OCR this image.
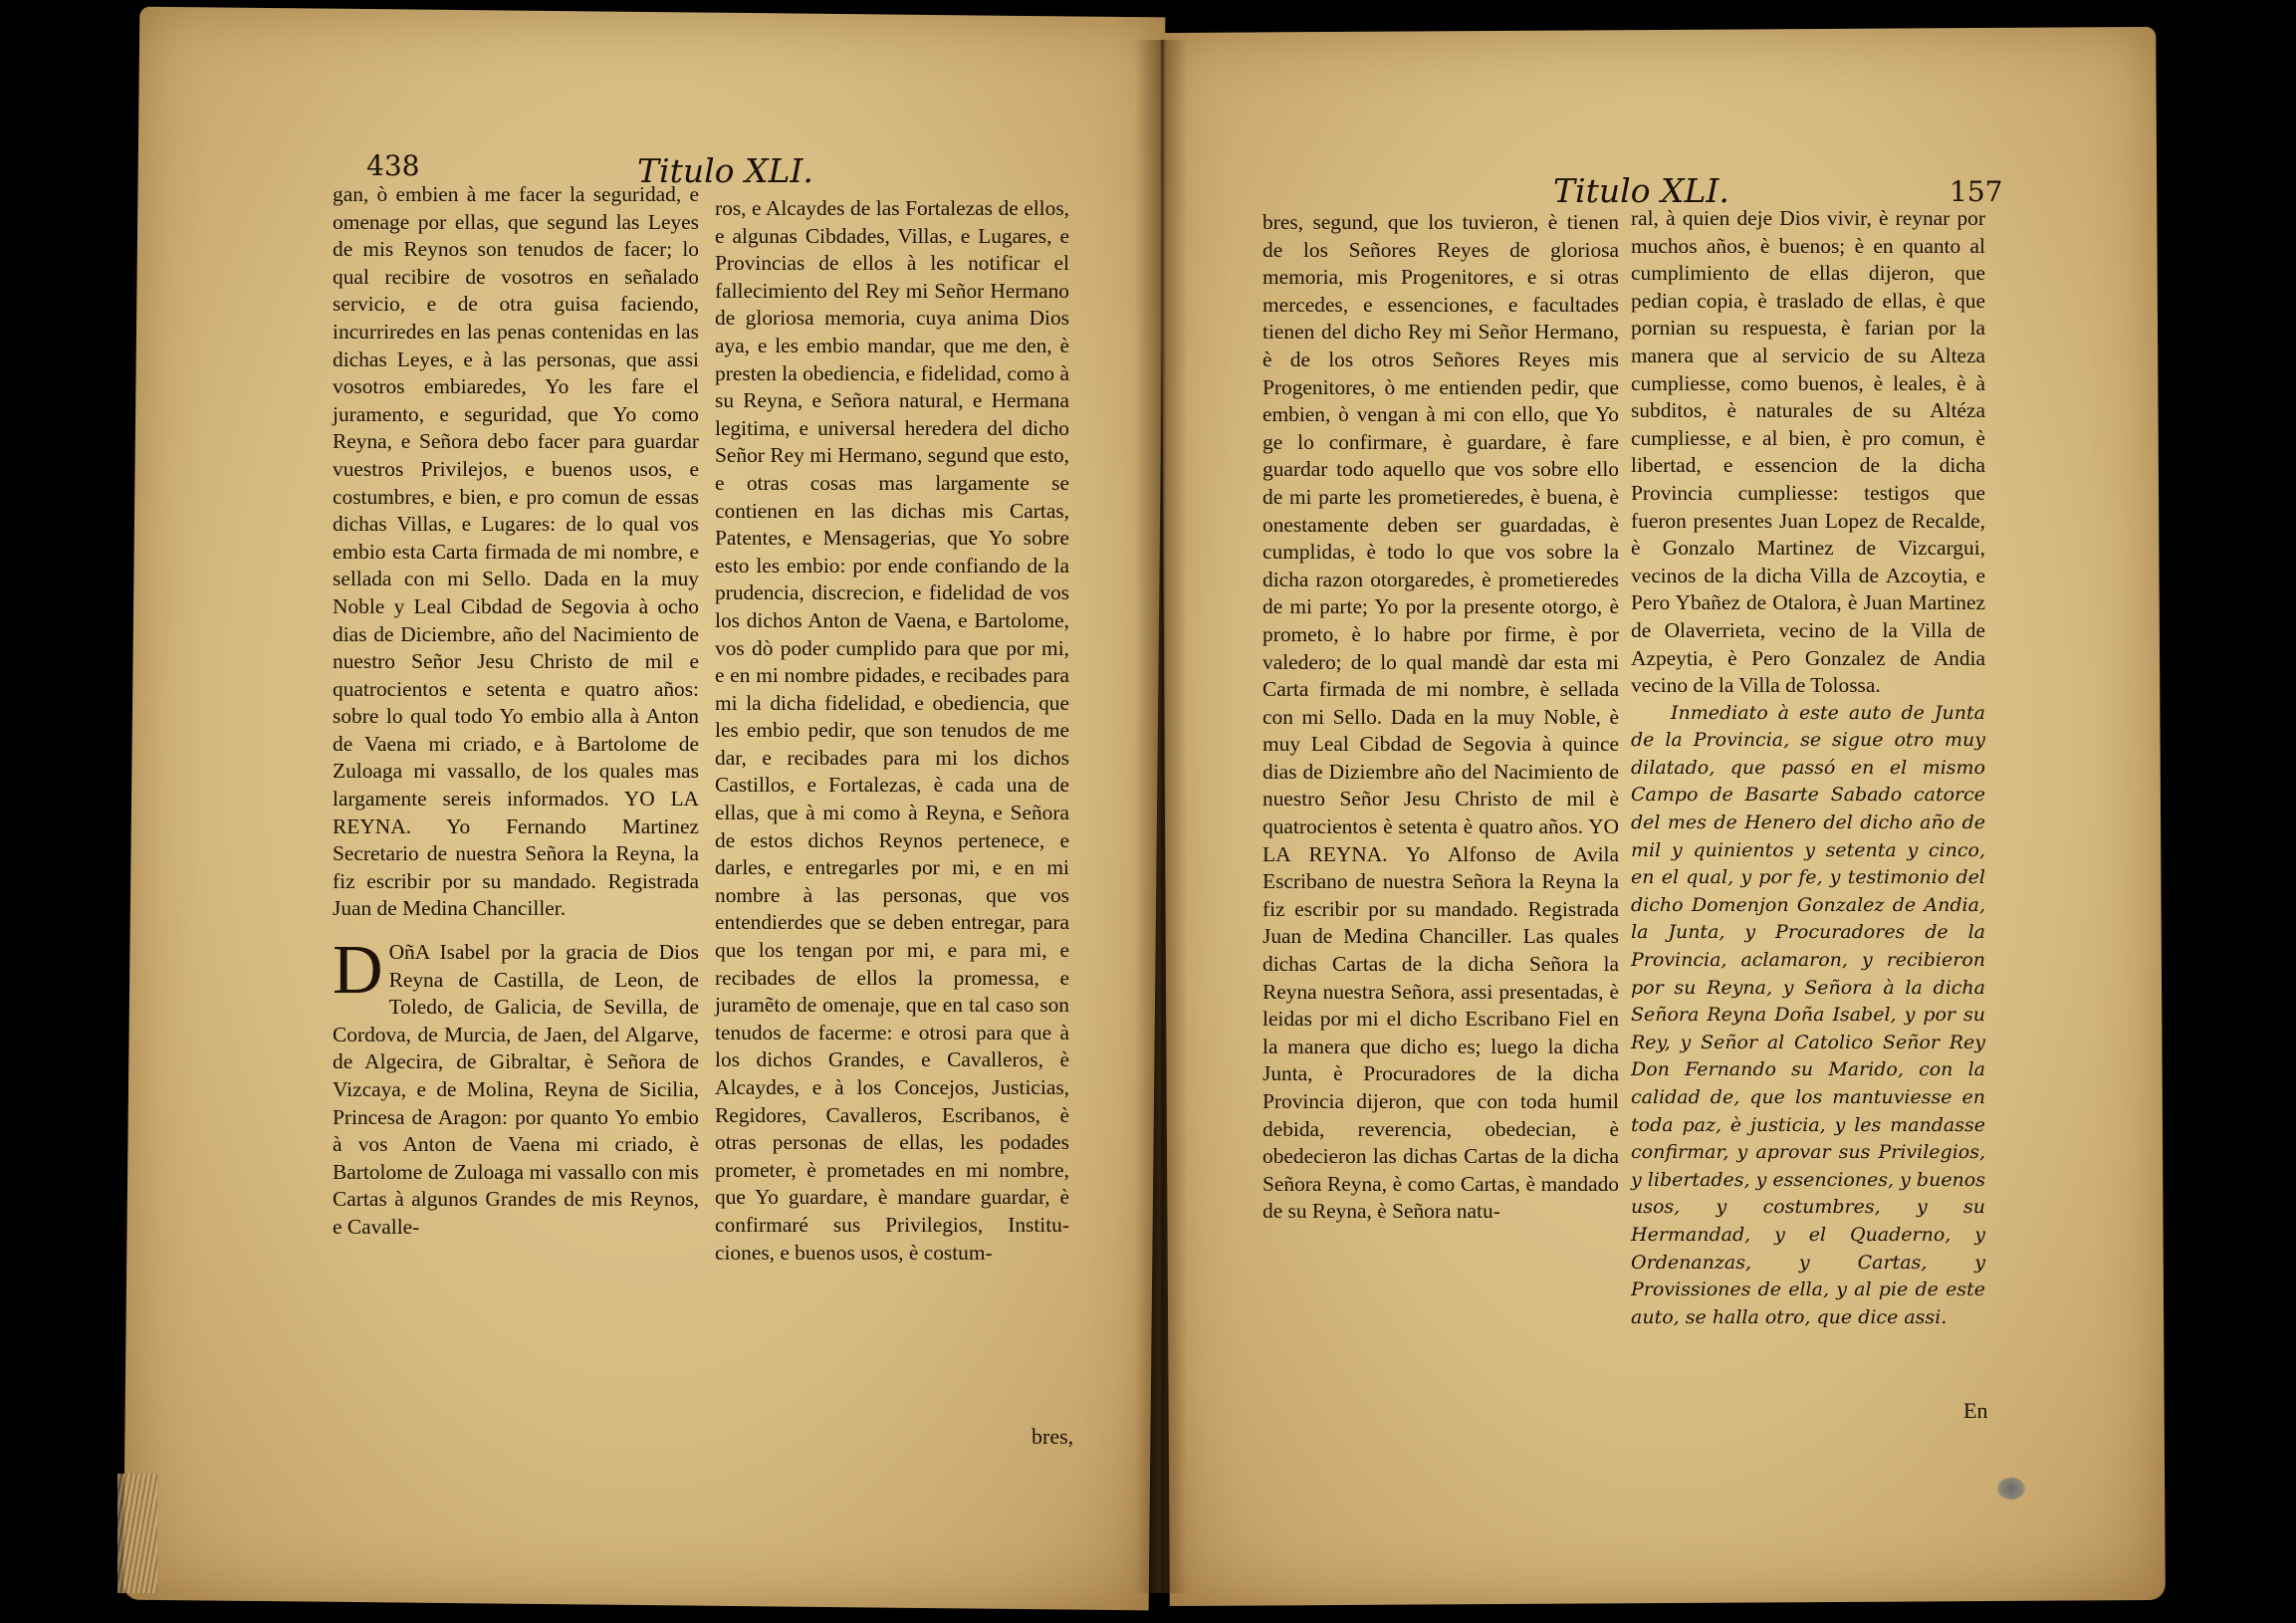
438	Titulo XLI.

gan, ò embien à me facer la seguridad, e omenage por ellas, que segund las Leyes de mis Reynos son tenudos de facer; lo qual recibire de vosotros en señalado servicio, e de otra guisa faciendo, incurriredes en las penas contenidas en las dichas Leyes, e à las personas, que assi vosotros embiaredes, Yo les fare el juramento, e seguridad, que Yo como Reyna, e Señora debo facer para guardar vuestros Privilejos, e buenos usos, e costumbres, e bien, e pro comun de essas dichas Villas, e Lugares: de lo qual vos embio esta Carta firmada de mi nombre, e sellada con mi Sello. Dada en la muy Noble y Leal Cibdad de Segovia à ocho dias de Diciembre, año del Nacimiento de nuestro Señor Jesu Christo de mil e quatrocientos e setenta e quatro años: sobre lo qual todo Yo embio alla à Anton de Vaena mi criado, e à Bartolome de Zuloaga mi vassallo, de los quales mas largamente sereis informados. YO LA REYNA. Yo Fernando Martinez Secretario de nuestra Señora la Reyna, la fiz escribir por su mandado. Registrada Juan de Medina Chanciller.

D OñA Isabel por la gracia de Dios Reyna de Castilla, de Leon, de Toledo, de Galicia, de Sevilla, de Cordova, de Murcia, de Jaen, del Algarve, de Algecira, de Gibraltar, è Señora de Vizcaya, e de Molina, Reyna de Sicilia, Princesa de Aragon: por quanto Yo embio à vos Anton de Vaena mi criado, è Bartolome de Zuloaga mi vassallo con mis Cartas à algunos Grandes de mis Reynos, e Cavalle-

ros, e Alcaydes de las Fortalezas de ellos, e algunas Cibdades, Villas, e Lugares, e Provincias de ellos à les notificar el fallecimiento del Rey mi Señor Hermano de gloriosa memoria, cuya anima Dios aya, e les embio mandar, que me den, è presten la obediencia, e fidelidad, como à su Reyna, e Señora natural, e Hermana legitima, e universal heredera del dicho Señor Rey mi Hermano, segund que esto, e otras cosas mas largamente se contienen en las dichas mis Cartas, Patentes, e Mensagerias, que Yo sobre esto les embio: por ende confiando de la prudencia, discrecion, e fidelidad de vos los dichos Anton de Vaena, e Bartolome, vos dò poder cumplido para que por mi, e en mi nombre pidades, e recibades para mi la dicha fidelidad, e obediencia, que les embio pedir, que son tenudos de me dar, e recibades para mi los dichos Castillos, e Fortalezas, è cada una de ellas, que à mi como à Reyna, e Señora de estos dichos Reynos pertenece, e darles, e entregarles por mi, e en mi nombre à las personas, que vos entendierdes que se deben entregar, para que los tengan por mi, e para mi, e recibades de ellos la promessa, e juramẽto de omenaje, que en tal caso son tenudos de facerme: e otrosi para que à los dichos Grandes, e Cavalleros, è Alcaydes, e à los Concejos, Justicias, Regidores, Cavalleros, Escribanos, è otras personas de ellas, les podades prometer, è prometades en mi nombre, que Yo guardare, è mandare guardar, è confirmaré sus Privilegios, Institu-ciones, e buenos usos, è costum-

bres,
Titulo XLI.	157

bres, segund, que los tuvieron, è tienen de los Señores Reyes de gloriosa memoria, mis Progenitores, e si otras mercedes, e essenciones, e facultades tienen del dicho Rey mi Señor Hermano, è de los otros Señores Reyes mis Progenitores, ò me entienden pedir, que embien, ò vengan à mi con ello, que Yo ge lo confirmare, è guardare, è fare guardar todo aquello que vos sobre ello de mi parte les prometieredes, è buena, è onestamente deben ser guardadas, è cumplidas, è todo lo que vos sobre la dicha razon otorgaredes, è prometieredes de mi parte; Yo por la presente otorgo, è prometo, è lo habre por firme, è por valedero; de lo qual mandè dar esta mi Carta firmada de mi nombre, è sellada con mi Sello. Dada en la muy Noble, è muy Leal Cibdad de Segovia à quince dias de Diziembre año del Nacimiento de nuestro Señor Jesu Christo de mil è quatrocientos è setenta è quatro años. YO LA REYNA. Yo Alfonso de Avila Escribano de nuestra Señora la Reyna la fiz escribir por su mandado. Registrada Juan de Medina Chanciller. Las quales dichas Cartas de la dicha Señora la Reyna nuestra Señora, assi presentadas, è leidas por mi el dicho Escribano Fiel en la manera que dicho es; luego la dicha Junta, è Procuradores de la dicha Provincia dijeron, que con toda humil debida, reverencia, obedecian, è obedecieron las dichas Cartas de la dicha Señora Reyna, è como Cartas, è mandado de su Reyna, è Señora natu-

ral, à quien deje Dios vivir, è reynar por muchos años, è buenos; è en quanto al cumplimiento de ellas dijeron, que pedian copia, è traslado de ellas, è que pornian su respuesta, è farian por la manera que al servicio de su Alteza cumpliesse, como buenos, è leales, è à subditos, è naturales de su Altéza cumpliesse, e al bien, è pro comun, è libertad, e essencion de la dicha Provincia cumpliesse: testigos que fueron presentes Juan Lopez de Recalde, è Gonzalo Martinez de Vizcargui, vecinos de la dicha Villa de Azcoytia, e Pero Ybañez de Otalora, è Juan Martinez de Olaverrieta, vecino de la Villa de Azpeytia, è Pero Gonzalez de Andia vecino de la Villa de Tolossa.

Inmediato à este auto de Junta de la Provincia, se sigue otro muy dilatado, que passó en el mismo Campo de Basarte Sabado catorce del mes de Henero del dicho año de mil y quinientos y setenta y cinco, en el qual, y por fe, y testimonio del dicho Domenjon Gonzalez de Andia, la Junta, y Procuradores de la Provincia, aclamaron, y recibieron por su Reyna, y Señora à la dicha Señora Reyna Doña Isabel, y por su Rey, y Señor al Catolico Señor Rey Don Fernando su Marido, con la calidad de, que los mantuviesse en toda paz, è justicia, y les mandasse confirmar, y aprovar sus Privilegios, y libertades, y essenciones, y buenos usos, y costumbres, y su Hermandad, y el Quaderno, y Ordenanzas, y Cartas, y Provissiones de ella, y al pie de este auto, se halla otro, que dice assi.

En
